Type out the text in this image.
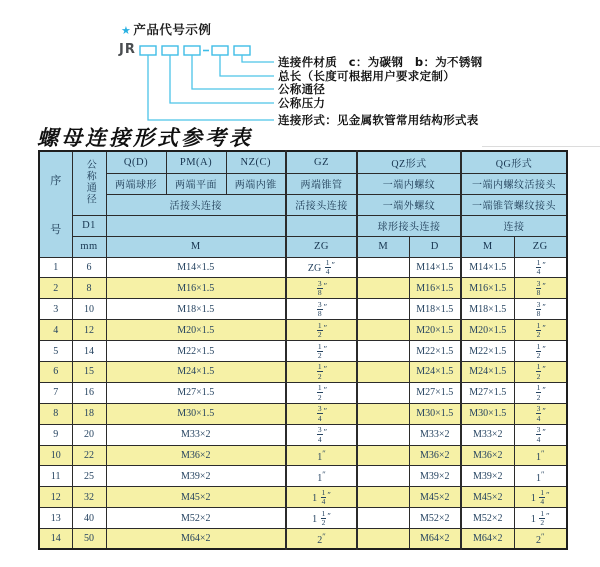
★ 产品代号示例
JR
连接件材质　c：为碳钢　b：为不锈钢
总长（长度可根据用户要求定制）
公称通径
公称压力
连接形式：见金属软管常用结构形式表
螺母连接形式参考表
序
号	公称通径	Q(D)	PM(A)	NZ(C)	GZ	QZ形式		QG形式	
		两端球形	两端平面	两端内锥	两端锥管	一端内螺纹		一端内螺纹活接头	
		活接头连接			活接头连接	一端外螺纹		一端锥管螺纹接头	
	D1					球形接头连接		连接	
	mm	M			ZG	M	D	M	ZG
1	6	M14×1.5			ZG $\frac{1}{4} ''$		M14×1.5	M14×1.5	$\frac{1}{4} ''$
2	8	M16×1.5			$\frac{3}{8} ''$		M16×1.5	M16×1.5	$\frac{3}{8} ''$
3	10	M18×1.5			$\frac{3}{8} ''$		M18×1.5	M18×1.5	$\frac{3}{8} ''$
4	12	M20×1.5			$\frac{1}{2} ''$		M20×1.5	M20×1.5	$\frac{1}{2} ''$
5	14	M22×1.5			$\frac{1}{2} ''$		M22×1.5	M22×1.5	$\frac{1}{2} ''$
6	15	M24×1.5			$\frac{1}{2} ''$		M24×1.5	M24×1.5	$\frac{1}{2} ''$
7	16	M27×1.5			$\frac{1}{2} ''$		M27×1.5	M27×1.5	$\frac{1}{2} ''$
8	18	M30×1.5			$\frac{3}{4} ''$		M30×1.5	M30×1.5	$\frac{3}{4} ''$
9	20	M33×2			$\frac{3}{4} ''$		M33×2	M33×2	$\frac{3}{4} ''$
10	22	M36×2			1″		M36×2	M36×2	1″
11	25	M39×2			1″		M39×2	M39×2	1″
12	32	M45×2			$1 \frac{1}{4} ''$		M45×2	M45×2	$1 \frac{1}{4} ''$
13	40	M52×2			$1 \frac{1}{2} ''$		M52×2	M52×2	$1 \frac{1}{2} ''$
14	50	M64×2			2″		M64×2	M64×2	2″
